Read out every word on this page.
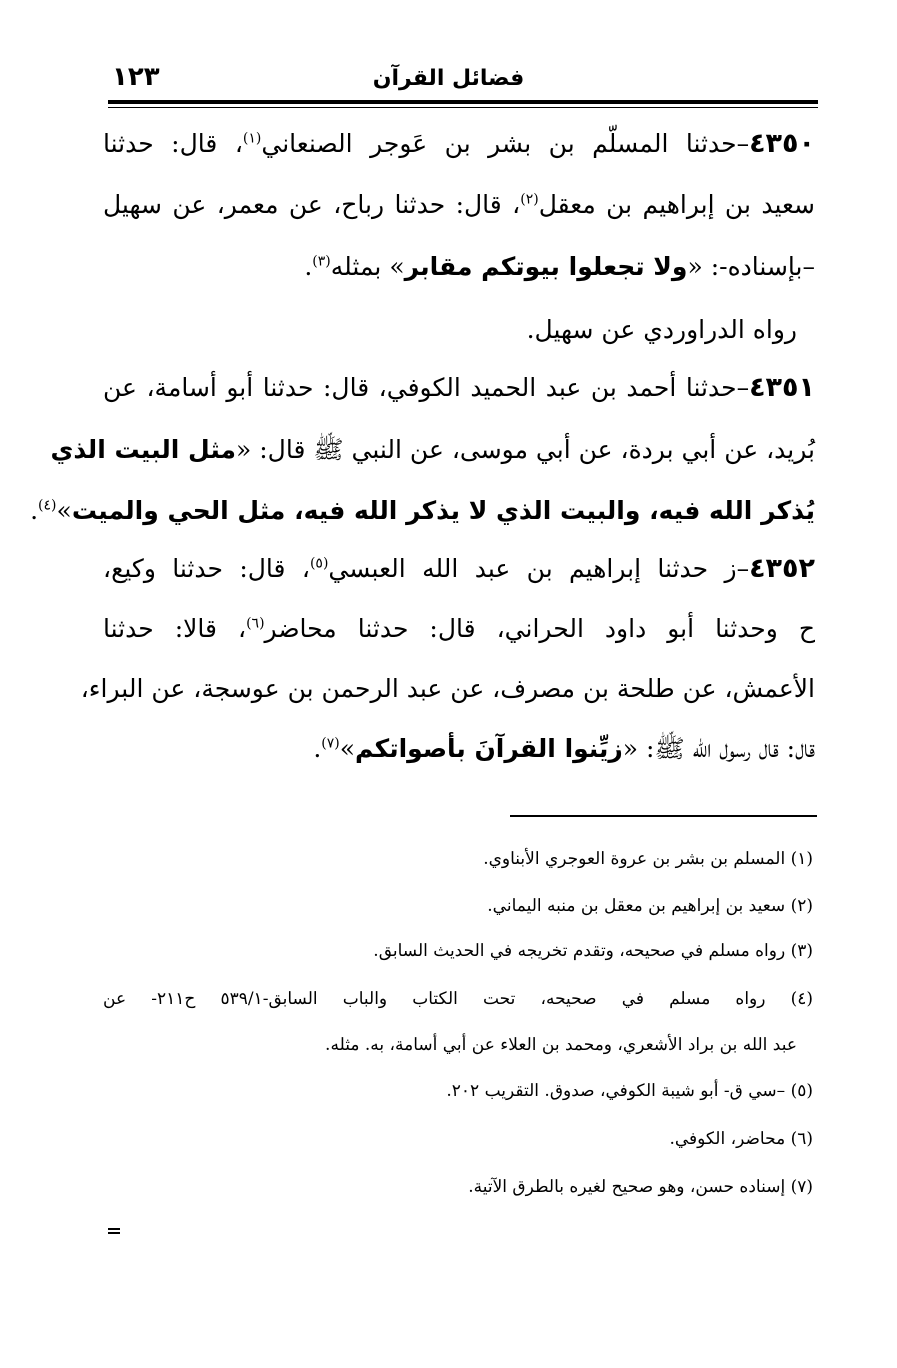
فضائل القرآن
١٢٣
٤٣٥٠–حدثنا المسلّم بن بشر بن عَوجر الصنعاني$^{(١)}$، قال: حدثنا
سعيد بن إبراهيم بن معقل$^{(٢)}$، قال: حدثنا رباح، عن معمر، عن سهيل
–بإسناده-: «ولا تجعلوا بيوتكم مقابر» بمثله$^{(٣)}$.
رواه الدراوردي عن سهيل.
٤٣٥١–حدثنا أحمد بن عبد الحميد الكوفي، قال: حدثنا أبو أسامة، عن
بُريد، عن أبي بردة، عن أبي موسى، عن النبي ﷺ قال: «مثل البيت الذي
يُذكر الله فيه، والبيت الذي لا يذكر الله فيه، مثل الحي والميت»$^{(٤)}$.
٤٣٥٢–ز حدثنا إبراهيم بن عبد الله العبسي$^{(٥)}$، قال: حدثنا وكيع،
ح وحدثنا أبو داود الحراني، قال: حدثنا محاضر$^{(٦)}$، قالا: حدثنا
الأعمش، عن طلحة بن مصرف، عن عبد الرحمن بن عوسجة، عن البراء،
قال: قال رسول الله ﷺ: «زيِّنوا القرآنَ بأصواتكم»$^{(٧)}$.
(١) المسلم بن بشر بن عروة العوجري الأبناوي.
(٢) سعيد بن إبراهيم بن معقل بن منبه اليماني.
(٣) رواه مسلم في صحيحه، وتقدم تخريجه في الحديث السابق.
(٤) رواه مسلم في صحيحه، تحت الكتاب والباب السابق-٥٣٩/١ ح٢١١- عن
عبد الله بن براد الأشعري، ومحمد بن العلاء عن أبي أسامة، به. مثله.
(٥) –سي ق- أبو شيبة الكوفي، صدوق. التقريب ٢٠٢.
(٦) محاضر، الكوفي.
(٧) إسناده حسن، وهو صحيح لغيره بالطرق الآتية.
